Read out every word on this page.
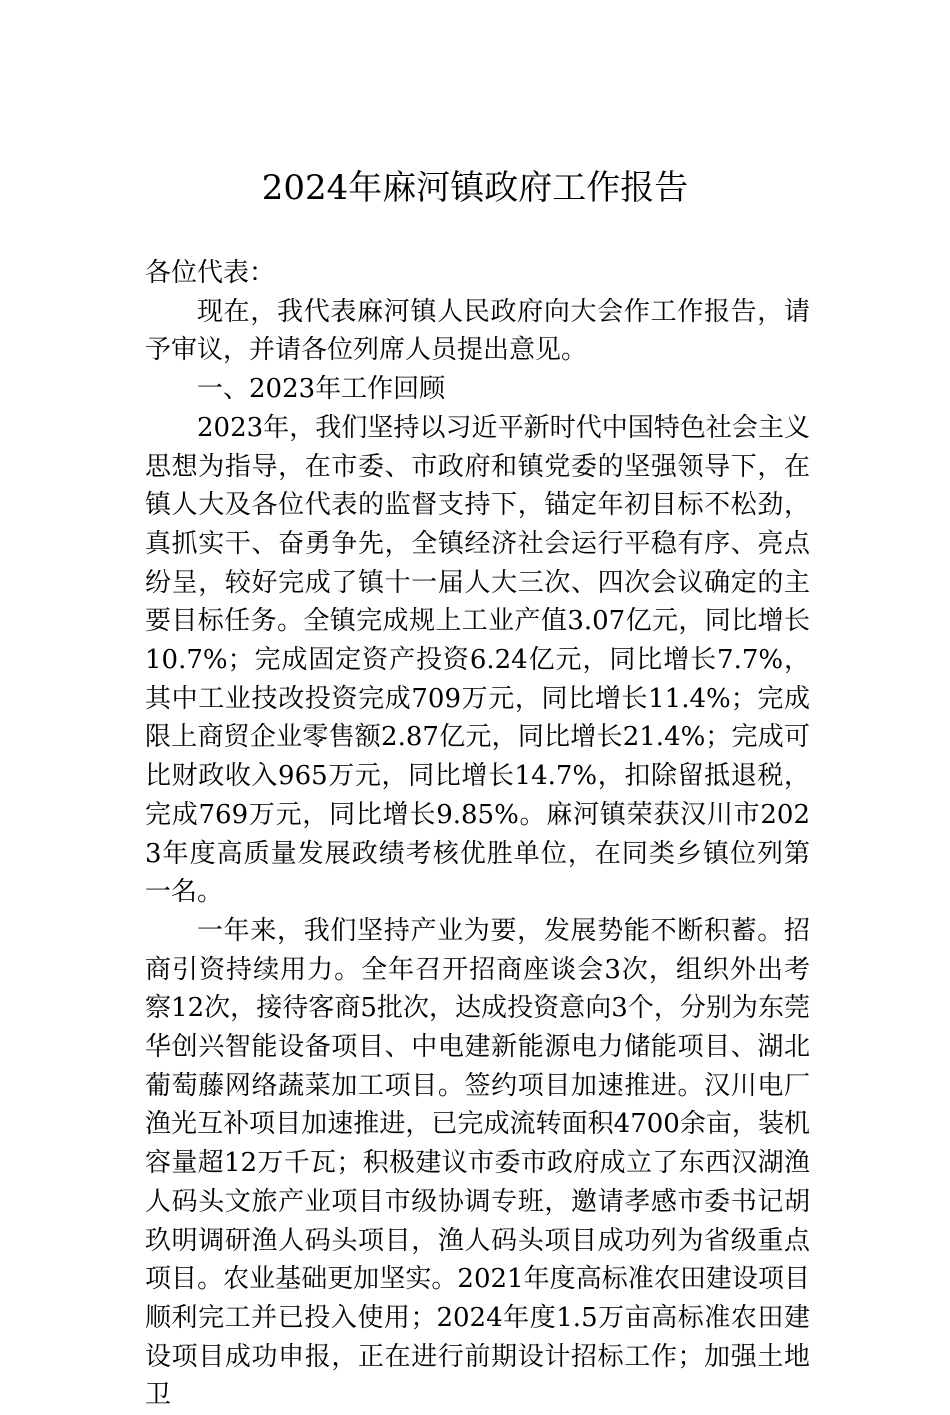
2024年麻河镇政府工作报告

各位代表：

现在，我代表麻河镇人民政府向大会作工作报告，请予审议，并请各位列席人员提出意见。

一、2023年工作回顾

2023年，我们坚持以习近平新时代中国特色社会主义思想为指导，在市委、市政府和镇党委的坚强领导下，在镇人大及各位代表的监督支持下，锚定年初目标不松劲，真抓实干、奋勇争先，全镇经济社会运行平稳有序、亮点纷呈，较好完成了镇十一届人大三次、四次会议确定的主要目标任务。全镇完成规上工业产值3.07亿元，同比增长10.7%；完成固定资产投资6.24亿元，同比增长7.7%，其中工业技改投资完成709万元，同比增长11.4%；完成限上商贸企业零售额2.87亿元，同比增长21.4%；完成可比财政收入965万元，同比增长14.7%，扣除留抵退税，完成769万元，同比增长9.85%。麻河镇荣获汉川市2023年度高质量发展政绩考核优胜单位，在同类乡镇位列第一名。

一年来，我们坚持产业为要，发展势能不断积蓄。招商引资持续用力。全年召开招商座谈会3次，组织外出考察12次，接待客商5批次，达成投资意向3个，分别为东莞华创兴智能设备项目、中电建新能源电力储能项目、湖北葡萄藤网络蔬菜加工项目。签约项目加速推进。汉川电厂渔光互补项目加速推进，已完成流转面积4700余亩，装机容量超12万千瓦；积极建议市委市政府成立了东西汉湖渔人码头文旅产业项目市级协调专班，邀请孝感市委书记胡玖明调研渔人码头项目，渔人码头项目成功列为省级重点项目。农业基础更加坚实。2021年度高标准农田建设项目顺利完工并已投入使用；2024年度1.5万亩高标准农田建设项目成功申报，正在进行前期设计招标工作；加强土地卫
